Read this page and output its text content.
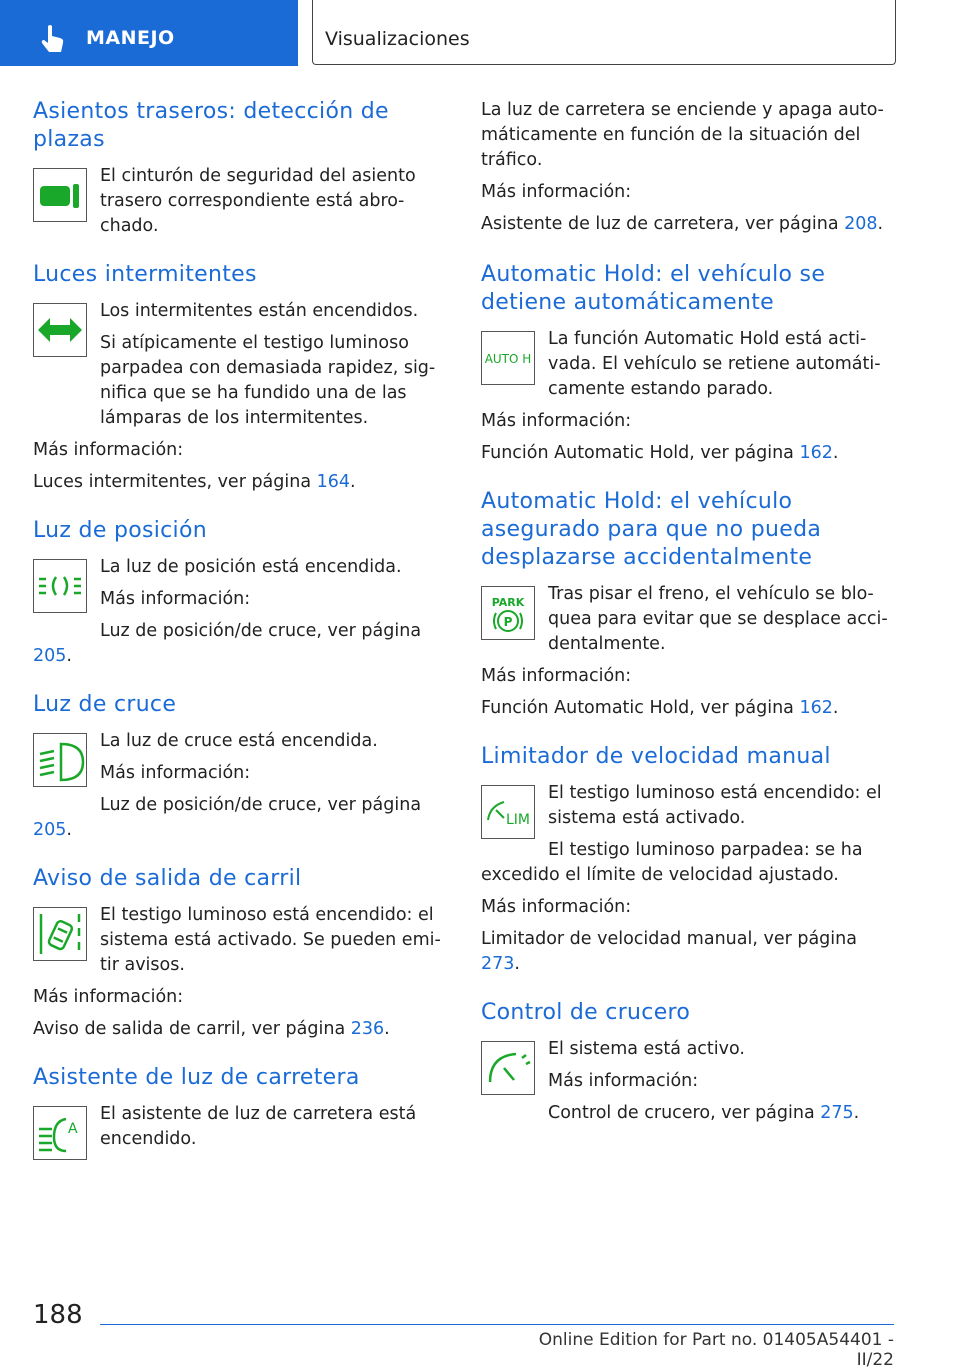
MANEJO	Visualizaciones
Asientos traseros: detección de plazas

El cinturón de seguridad del asiento trasero correspondiente está abrochado.

Luces intermitentes

Los intermitentes están encendidos.

Si atípicamente el testigo luminoso parpadea con demasiada rapidez, significa que se ha fundido una de las lámparas de los intermitentes.

Más información:

Luces intermitentes, ver página 164.

Luz de posición

La luz de posición está encendida.

Más información:

Luz de posición/de cruce, ver página 205.

Luz de cruce

La luz de cruce está encendida.

Más información:

Luz de posición/de cruce, ver página 205.

Aviso de salida de carril

El testigo luminoso está encendido: el sistema está activado. Se pueden emitir avisos.

Más información:

Aviso de salida de carril, ver página 236.

Asistente de luz de carretera
A

El asistente de luz de carretera está encendido.

La luz de carretera se enciende y apaga automáticamente en función de la situación del tráfico.

Más información:

Asistente de luz de carretera, ver página 208.

Automatic Hold: el vehículo se detiene automáticamente
AUTO H

La función Automatic Hold está activada. El vehículo se retiene automáticamente estando parado.

Más información:

Función Automatic Hold, ver página 162.

Automatic Hold: el vehículo asegurado para que no pueda desplazarse accidentalmente
PARK
P

Tras pisar el freno, el vehículo se bloquea para evitar que se desplace accidentalmente.

Más información:

Función Automatic Hold, ver página 162.

Limitador de velocidad manual
LIM

El testigo luminoso está encendido: el sistema está activado.

El testigo luminoso parpadea: se ha excedido el límite de velocidad ajustado.

Más información:

Limitador de velocidad manual, ver página 273.

Control de crucero

El sistema está activo.

Más información:

Control de crucero, ver página 275.

188
Online Edition for Part no. 01405A54401 - II/22
